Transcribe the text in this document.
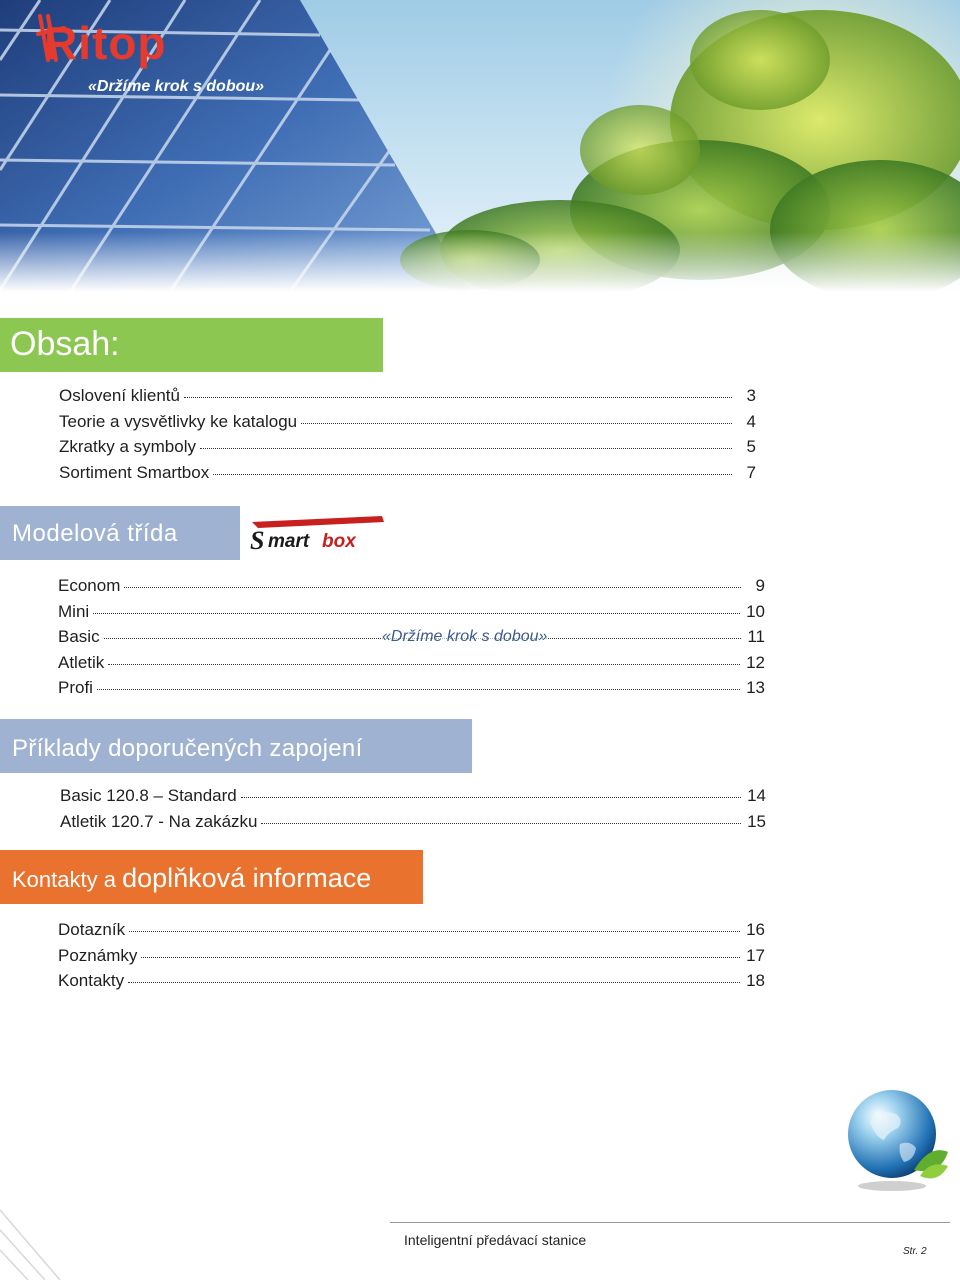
Ritop
«Držíme krok s dobou»
Obsah:
Oslovení klientů	3
Teorie a vysvětlivky ke katalogu	4
Zkratky a symboly	5
Sortiment Smartbox	7
Modelová třída	S mart box
Econom	9
Mini	10
Basic	11
Atletik	12
Profi	13
«Držíme krok s dobou»
Příklady doporučených zapojení
Basic 120.8 – Standard	14
Atletik 120.7 - Na zakázku	15
Kontakty a doplňková informace
Dotazník	16
Poznámky	17
Kontakty	18
Inteligentní předávací stanice
Str. 2
